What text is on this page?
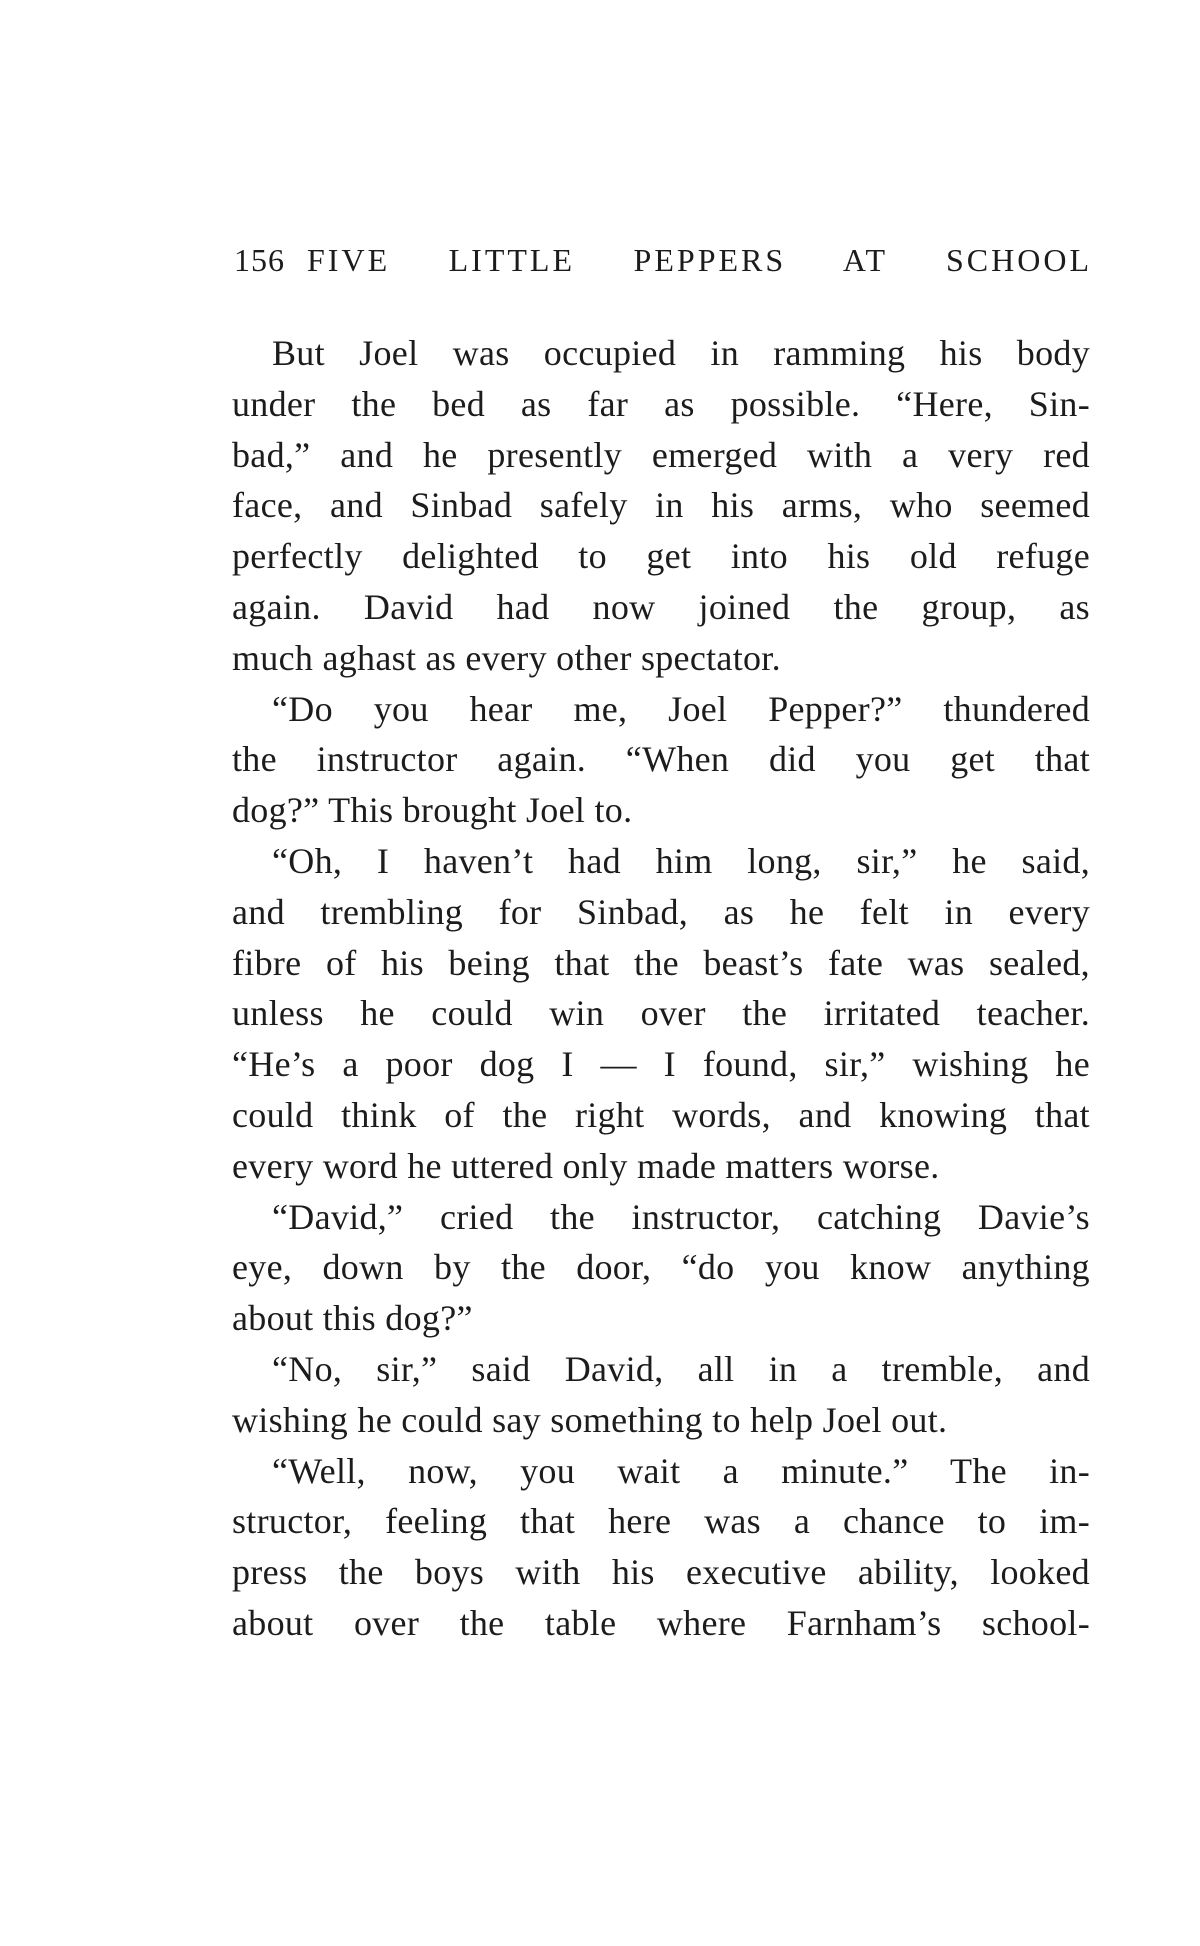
156 FIVE LITTLE PEPPERS AT SCHOOL
But Joel was occupied in ramming his body
under the bed as far as possible. “Here, Sin-
bad,” and he presently emerged with a very red
face, and Sinbad safely in his arms, who seemed
perfectly delighted to get into his old refuge
again. David had now joined the group, as
much aghast as every other spectator.
“Do you hear me, Joel Pepper?” thundered
the instructor again. “When did you get that
dog?” This brought Joel to.
“Oh, I haven’t had him long, sir,” he said,
and trembling for Sinbad, as he felt in every
fibre of his being that the beast’s fate was sealed,
unless he could win over the irritated teacher.
“He’s a poor dog I — I found, sir,” wishing he
could think of the right words, and knowing that
every word he uttered only made matters worse.
“David,” cried the instructor, catching Davie’s
eye, down by the door, “do you know anything
about this dog?”
“No, sir,” said David, all in a tremble, and
wishing he could say something to help Joel out.
“Well, now, you wait a minute.” The in-
structor, feeling that here was a chance to im-
press the boys with his executive ability, looked
about over the table where Farnham’s school-
